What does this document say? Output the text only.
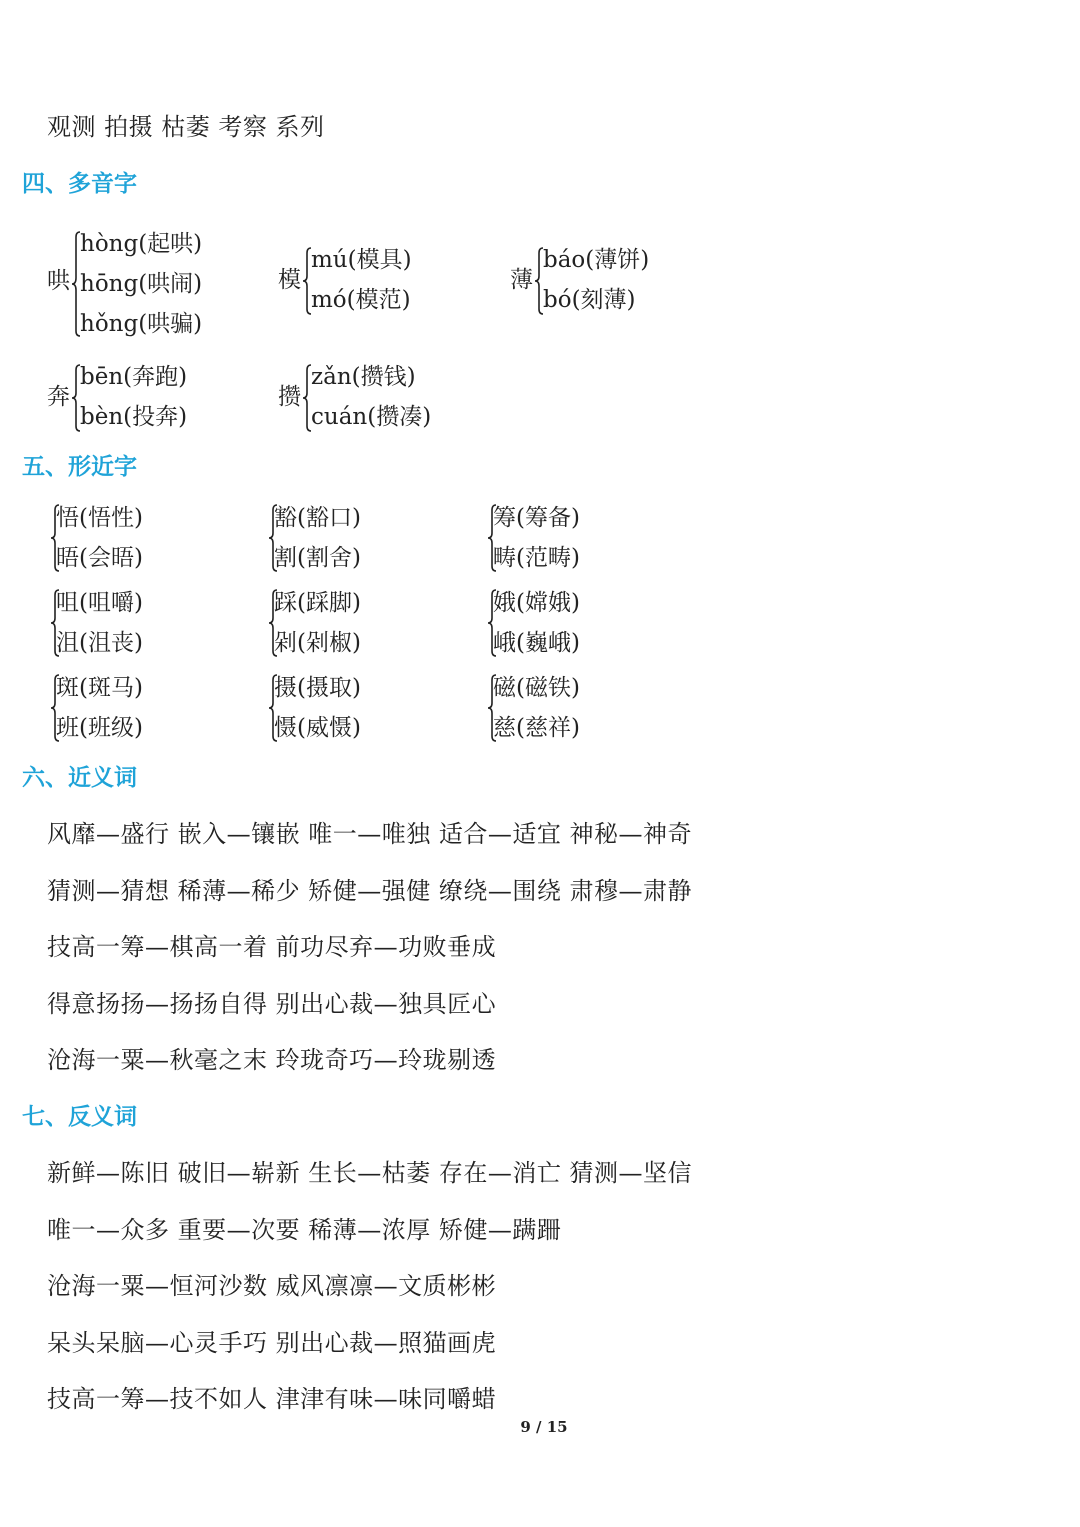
观测 拍摄 枯萎 考察 系列
四、多音字
哄
hòng(起哄)
hōng(哄闹)
hǒng(哄骗)
模
mú(模具)
mó(模范)
薄
báo(薄饼)
bó(刻薄)
奔
bēn(奔跑)
bèn(投奔)
攒
zǎn(攒钱)
cuán(攒凑)
五、形近字
悟(悟性)
晤(会晤)
豁(豁口)
割(割舍)
筹(筹备)
畴(范畴)
咀(咀嚼)
沮(沮丧)
踩(踩脚)
剁(剁椒)
娥(嫦娥)
峨(巍峨)
斑(斑马)
班(班级)
摄(摄取)
慑(威慑)
磁(磁铁)
慈(慈祥)
六、近义词
风靡—盛行 嵌入—镶嵌 唯一—唯独 适合—适宜 神秘—神奇
猜测—猜想 稀薄—稀少 矫健—强健 缭绕—围绕 肃穆—肃静
技高一筹—棋高一着 前功尽弃—功败垂成
得意扬扬—扬扬自得 别出心裁—独具匠心
沧海一粟—秋毫之末 玲珑奇巧—玲珑剔透
七、反义词
新鲜—陈旧 破旧—崭新 生长—枯萎 存在—消亡 猜测—坚信
唯一—众多 重要—次要 稀薄—浓厚 矫健—蹒跚
沧海一粟—恒河沙数 威风凛凛—文质彬彬
呆头呆脑—心灵手巧 别出心裁—照猫画虎
技高一筹—技不如人 津津有味—味同嚼蜡
9 / 15
